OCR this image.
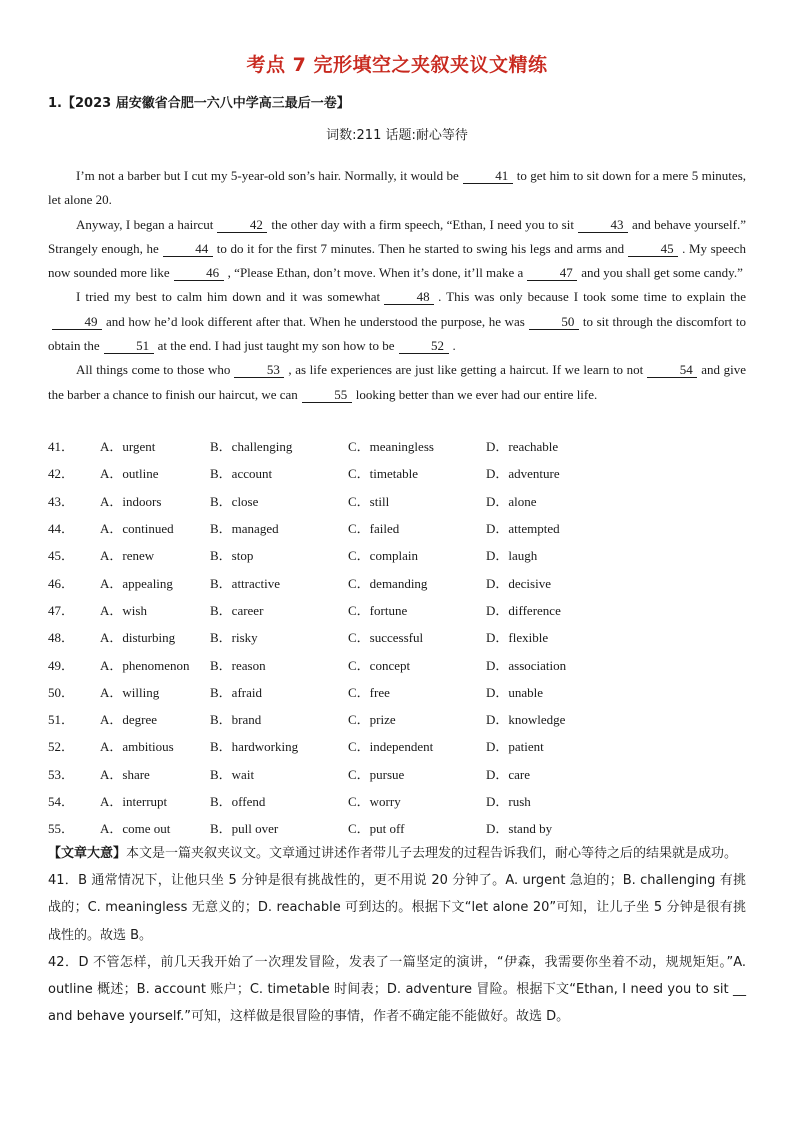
考点 7 完形填空之夹叙夹议文精练
1.【2023 届安徽省合肥一六八中学高三最后一卷】
词数:211 话题:耐心等待

I’m not a barber but I cut my 5-year-old son’s hair. Normally, it would be	41 to get him to sit down for a mere 5 minutes, let alone 20.

Anyway, I began a haircut	42 the other day with a firm speech, “Ethan, I need you to sit	43 and behave yourself.” Strangely enough, he	44 to do it for the first 7 minutes. Then he started to swing his legs and arms and	45 . My speech now sounded more like	46 , “Please Ethan, don’t move. When it’s done, it’ll make a	47 and you shall get some candy.”

I tried my best to calm him down and it was somewhat	48 . This was only because I took some time to explain the49 and how he’d look different after that. When he understood the purpose, he was	50 to sit through the discomfort to obtain the	51 at the end. I had just taught my son how to be	52 .

All things come to those who	53 , as life experiences are just like getting a haircut. If we learn to not	54 and give the barber a chance to finish our haircut, we can	55 looking better than we ever had our entire life.

41．	A．urgent	B．challenging	C．meaningless	D．reachable
42．	A．outline	B．account	C．timetable	D．adventure
43．	A．indoors	B．close	C．still	D．alone
44．	A．continued	B．managed	C．failed	D．attempted
45．	A．renew	B．stop	C．complain	D．laugh
46．	A．appealing	B．attractive	C．demanding	D．decisive
47．	A．wish	B．career	C．fortune	D．difference
48．	A．disturbing	B．risky	C．successful	D．flexible
49．	A．phenomenon	B．reason	C．concept	D．association
50．	A．willing	B．afraid	C．free	D．unable
51．	A．degree	B．brand	C．prize	D．knowledge
52．	A．ambitious	B．hardworking	C．independent	D．patient
53．	A．share	B．wait	C．pursue	D．care
54．	A．interrupt	B．offend	C．worry	D．rush
55．	A．come out	B．pull over	C．put off	D．stand by

【文章大意】本文是一篇夹叙夹议文。文章通过讲述作者带儿子去理发的过程告诉我们，耐心等待之后的结果就是成功。

41．B 通常情况下，让他只坐 5 分钟是很有挑战性的，更不用说 20 分钟了。A. urgent 急迫的；B. challenging 有挑战的；C. meaningless 无意义的；D. reachable 可到达的。根据下文“let alone 20”可知，让儿子坐 5 分钟是很有挑战性的。故选 B。

42．D 不管怎样，前几天我开始了一次理发冒险，发表了一篇坚定的演讲，“伊森，我需要你坐着不动，规规矩矩。”A. outline 概述；B. account 账户；C. timetable 时间表；D. adventure 冒险。根据下文“Ethan, I need you to sit __ and behave yourself.”可知，这样做是很冒险的事情，作者不确定能不能做好。故选 D。
